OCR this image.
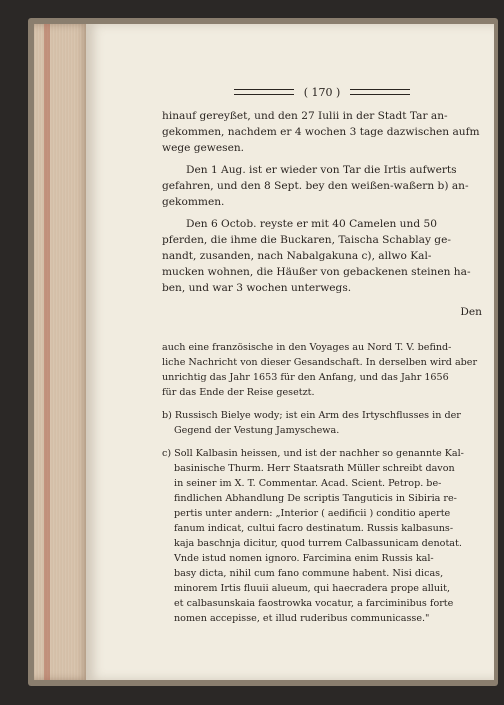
( 170 )
hinauf gereyßet, und den 27 Iulii in der Stadt Tar an-
gekommen, nachdem er 4 wochen 3 tage dazwischen aufm
wege gewesen.
Den 1 Aug. ist er wieder von Tar die Irtis aufwerts
gefahren, und den 8 Sept. bey den weißen-waßern b) an-
gekommen.
Den 6 Octob. reyste er mit 40 Camelen und 50
pferden, die ihme die Buckaren, Taischa Schablay ge-
nandt, zusanden, nach Nabalgakuna c), allwo Kal-
mucken wohnen, die Häußer von gebackenen steinen ha-
ben, und war 3 wochen unterwegs.
Den
auch eine französische in den Voyages au Nord T. V. befind-
liche Nachricht von dieser Gesandschaft. In derselben wird aber
unrichtig das Jahr 1653 für den Anfang, und das Jahr 1656
für das Ende der Reise gesetzt.
b) Russisch Bielye wody; ist ein Arm des Irtyschflusses in der
Gegend der Vestung Jamyschewa.
c) Soll Kalbasin heissen, und ist der nachher so genannte Kal-
basinische Thurm. Herr Staatsrath Müller schreibt davon
in seiner im X. T. Commentar. Acad. Scient. Petrop. be-
findlichen Abhandlung De scriptis Tanguticis in Sibiria re-
pertis unter andern: „Interior ( aedificii ) conditio aperte
fanum indicat, cultui facro destinatum. Russis kalbasuns-
kaja baschnja dicitur, quod turrem Calbassunicam denotat.
Vnde istud nomen ignoro. Farcimina enim Russis kal-
basy dicta, nihil cum fano commune habent. Nisi dicas,
minorem Irtis fluuii alueum, qui haecradera prope alluit,
et calbasunskaia faostrowka vocatur, a farciminibus forte
nomen accepisse, et illud ruderibus communicasse."
